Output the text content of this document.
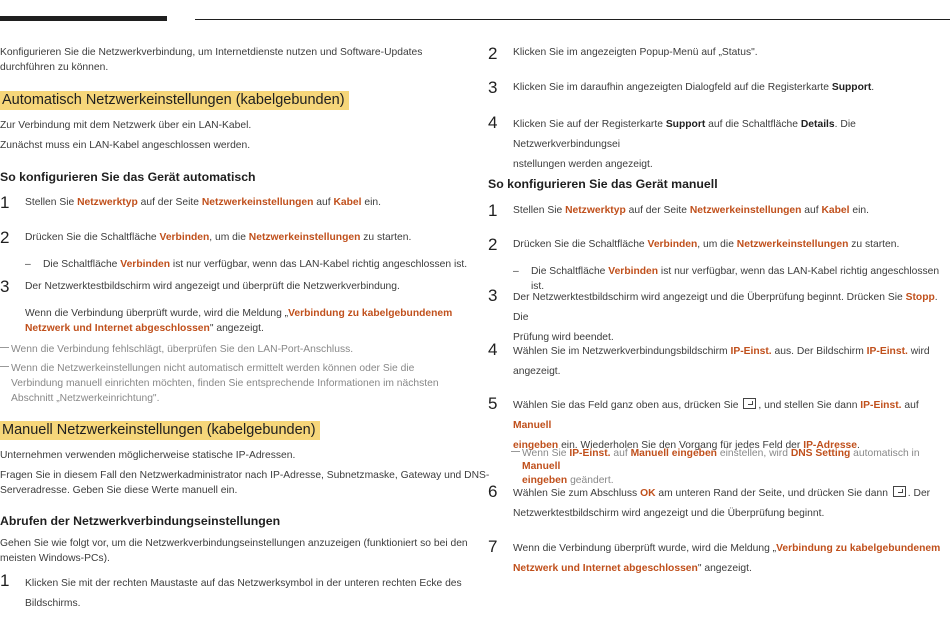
Konfigurieren Sie die Netzwerkverbindung, um Internetdienste nutzen und Software-Updates
durchführen zu können.
Automatisch Netzwerkeinstellungen (kabelgebunden)
Zur Verbindung mit dem Netzwerk über ein LAN-Kabel.
Zunächst muss ein LAN-Kabel angeschlossen werden.
So konfigurieren Sie das Gerät automatisch
1 Stellen Sie Netzwerktyp auf der Seite Netzwerkeinstellungen auf Kabel ein.
2 Drücken Sie die Schaltfläche Verbinden, um die Netzwerkeinstellungen zu starten.
– Die Schaltfläche Verbinden ist nur verfügbar, wenn das LAN-Kabel richtig angeschlossen ist.
3 Der Netzwerktestbildschirm wird angezeigt und überprüft die Netzwerkverbindung.
Wenn die Verbindung überprüft wurde, wird die Meldung „Verbindung zu kabelgebundenem
Netzwerk und Internet abgeschlossen" angezeigt.
Wenn die Verbindung fehlschlägt, überprüfen Sie den LAN-Port-Anschluss.
Wenn die Netzwerkeinstellungen nicht automatisch ermittelt werden können oder Sie die
Verbindung manuell einrichten möchten, finden Sie entsprechende Informationen im nächsten
Abschnitt „Netzwerkeinrichtung".
Manuell Netzwerkeinstellungen (kabelgebunden)
Unternehmen verwenden möglicherweise statische IP-Adressen.
Fragen Sie in diesem Fall den Netzwerkadministrator nach IP-Adresse, Subnetzmaske, Gateway und DNS-
Serveradresse. Geben Sie diese Werte manuell ein.
Abrufen der Netzwerkverbindungseinstellungen
Gehen Sie wie folgt vor, um die Netzwerkverbindungseinstellungen anzuzeigen (funktioniert so bei den
meisten Windows-PCs).
1 Klicken Sie mit der rechten Maustaste auf das Netzwerksymbol in der unteren rechten Ecke des
Bildschirms.
2 Klicken Sie im angezeigten Popup-Menü auf „Status".
3 Klicken Sie im daraufhin angezeigten Dialogfeld auf die Registerkarte Support.
4 Klicken Sie auf der Registerkarte Support auf die Schaltfläche Details. Die Netzwerkverbindungsei
nstellungen werden angezeigt.
So konfigurieren Sie das Gerät manuell
1 Stellen Sie Netzwerktyp auf der Seite Netzwerkeinstellungen auf Kabel ein.
2 Drücken Sie die Schaltfläche Verbinden, um die Netzwerkeinstellungen zu starten.
– Die Schaltfläche Verbinden ist nur verfügbar, wenn das LAN-Kabel richtig angeschlossen ist.
3 Der Netzwerktestbildschirm wird angezeigt und die Überprüfung beginnt. Drücken Sie Stopp. Die
Prüfung wird beendet.
4 Wählen Sie im Netzwerkverbindungsbildschirm IP-Einst. aus. Der Bildschirm IP-Einst. wird
angezeigt.
5 Wählen Sie das Feld ganz oben aus, drücken Sie , und stellen Sie dann IP-Einst. auf Manuell
eingeben ein. Wiederholen Sie den Vorgang für jedes Feld der IP-Adresse.
Wenn Sie IP-Einst. auf Manuell eingeben einstellen, wird DNS Setting automatisch in Manuell
eingeben geändert.
6 Wählen Sie zum Abschluss OK am unteren Rand der Seite, und drücken Sie dann . Der
Netzwerktestbildschirm wird angezeigt und die Überprüfung beginnt.
7 Wenn die Verbindung überprüft wurde, wird die Meldung „Verbindung zu kabelgebundenem
Netzwerk und Internet abgeschlossen" angezeigt.
